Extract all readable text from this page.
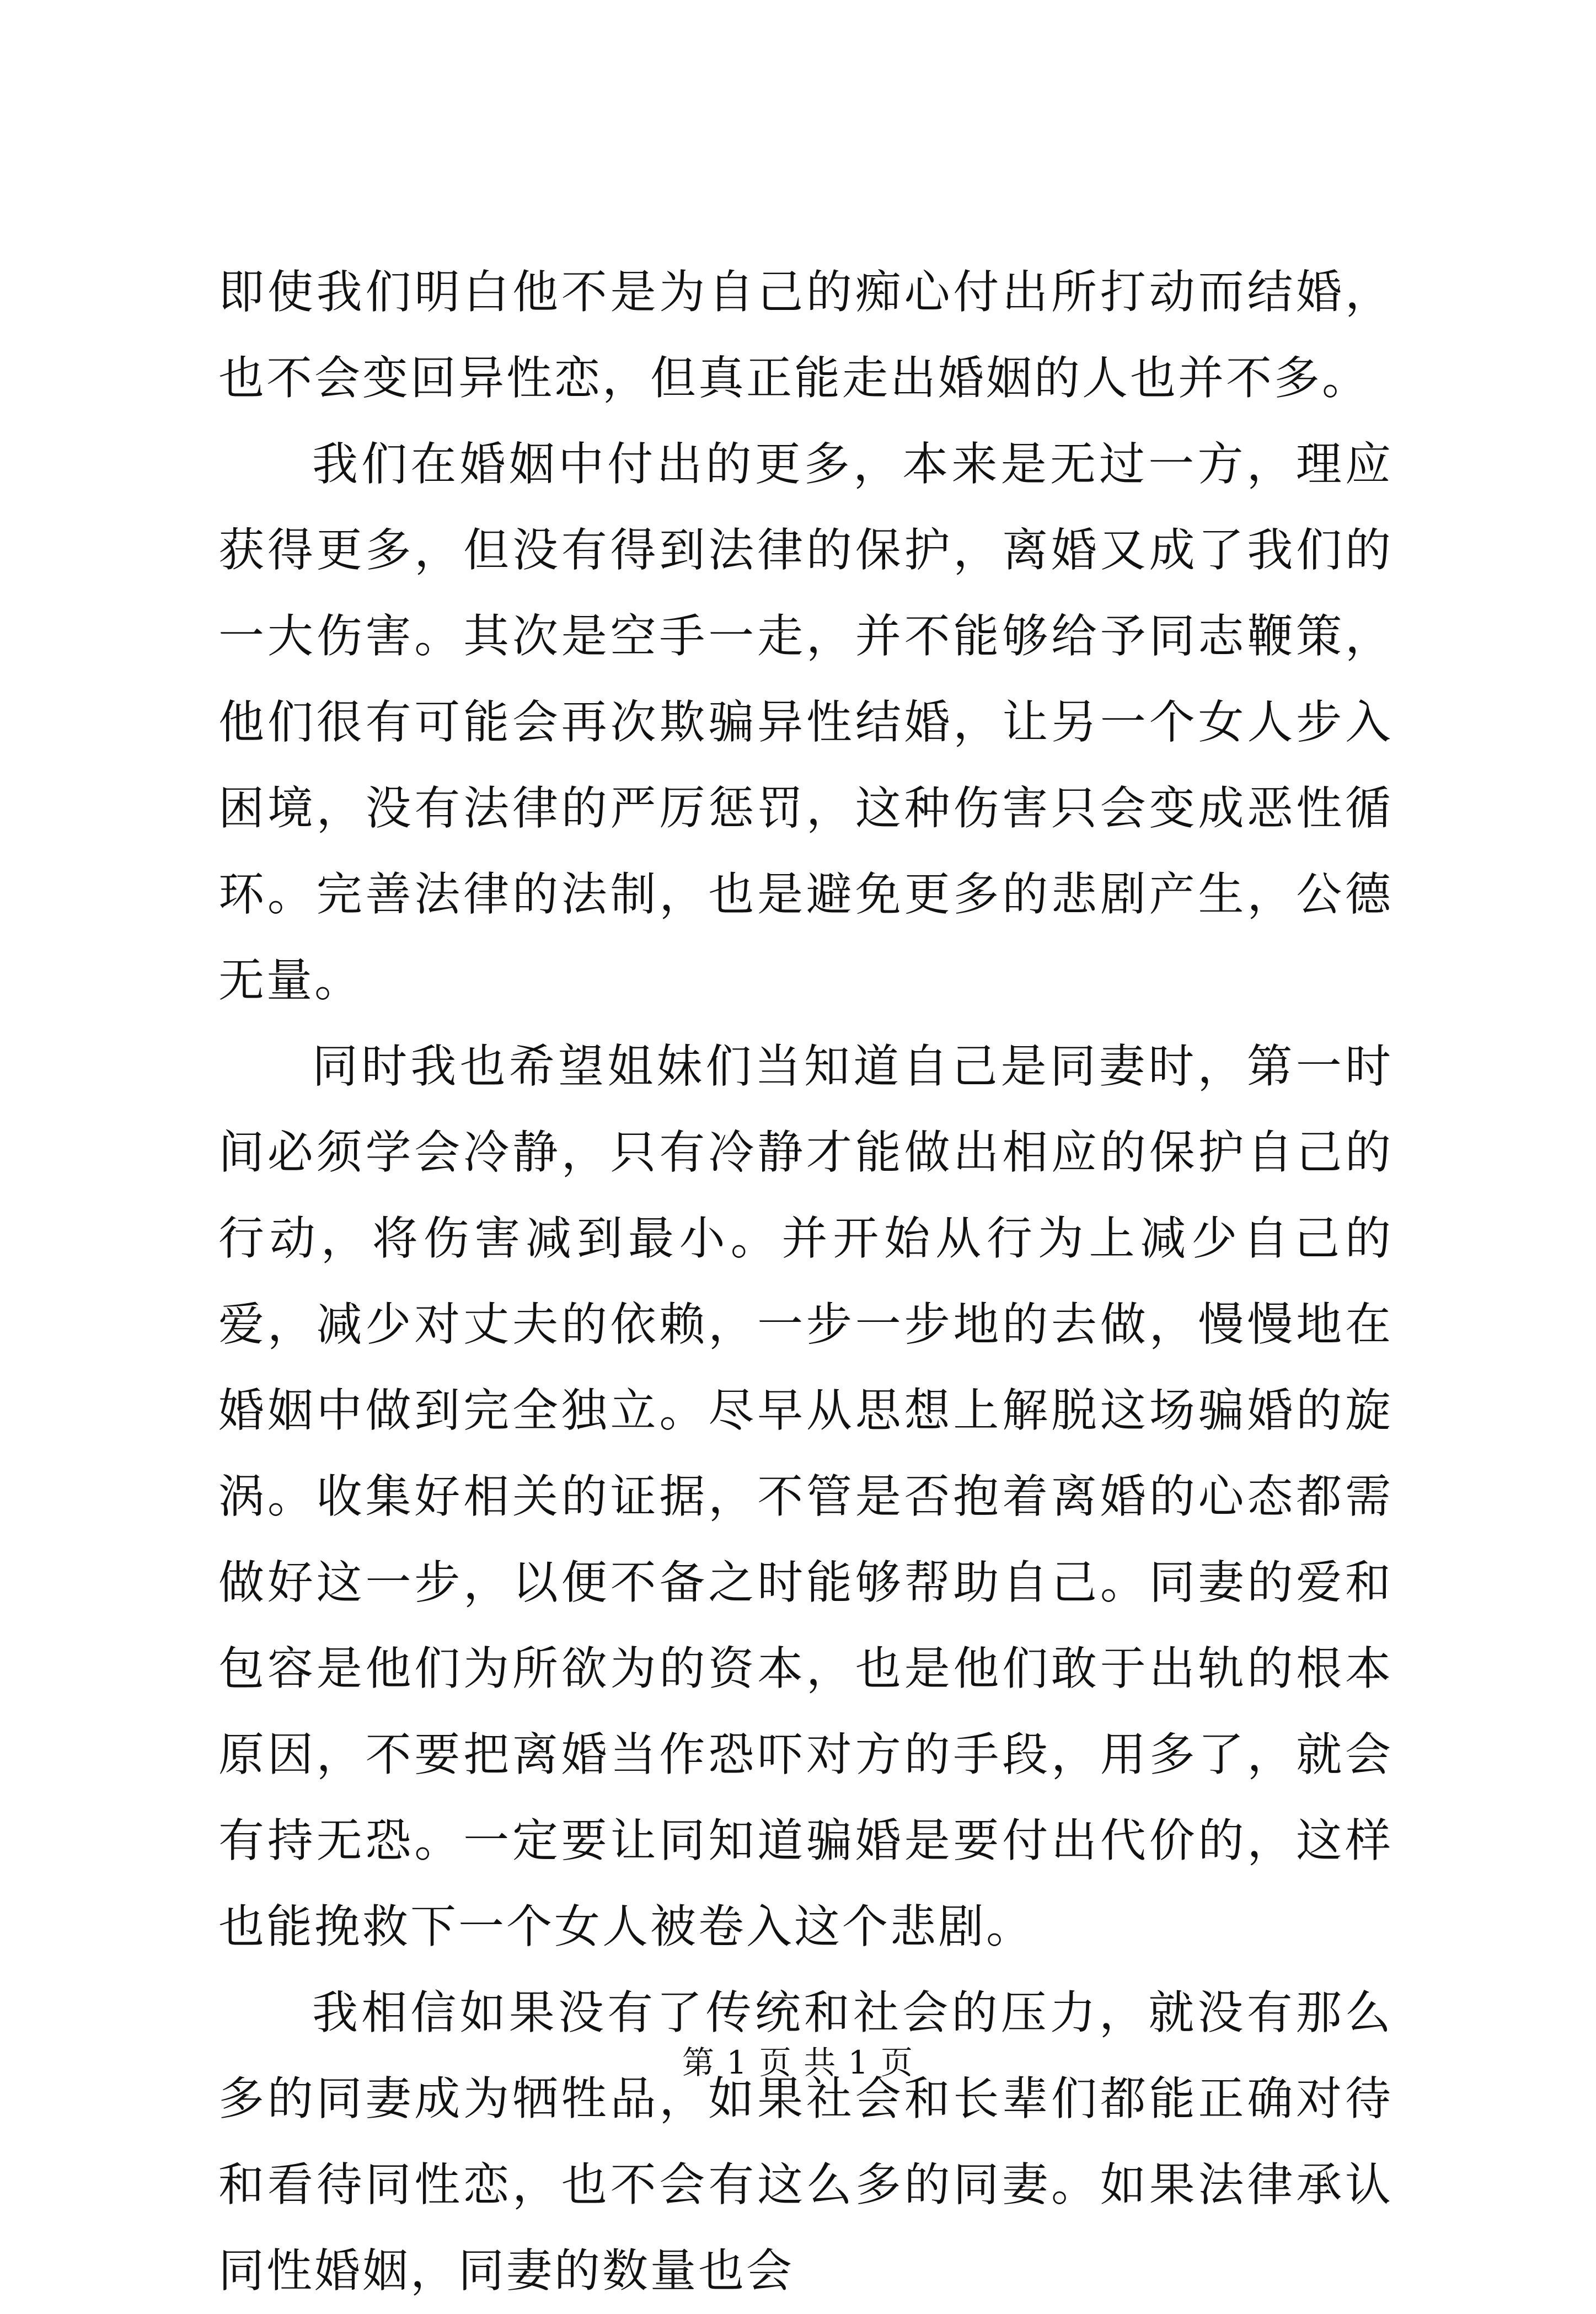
即使我们明白他不是为自己的痴心付出所打动而结婚，也不会变回异性恋，但真正能走出婚姻的人也并不多。

我们在婚姻中付出的更多，本来是无过一方，理应获得更多，但没有得到法律的保护，离婚又成了我们的一大伤害。其次是空手一走，并不能够给予同志鞭策，他们很有可能会再次欺骗异性结婚，让另一个女人步入困境，没有法律的严厉惩罚，这种伤害只会变成恶性循环。完善法律的法制，也是避免更多的悲剧产生，公德无量。

同时我也希望姐妹们当知道自己是同妻时，第一时间必须学会冷静，只有冷静才能做出相应的保护自己的行动，将伤害减到最小。并开始从行为上减少自己的爱，减少对丈夫的依赖，一步一步地的去做，慢慢地在婚姻中做到完全独立。尽早从思想上解脱这场骗婚的旋涡。收集好相关的证据，不管是否抱着离婚的心态都需做好这一步，以便不备之时能够帮助自己。同妻的爱和包容是他们为所欲为的资本，也是他们敢于出轨的根本原因，不要把离婚当作恐吓对方的手段，用多了，就会有持无恐。一定要让同知道骗婚是要付出代价的，这样也能挽救下一个女人被卷入这个悲剧。

我相信如果没有了传统和社会的压力，就没有那么多的同妻成为牺牲品，如果社会和长辈们都能正确对待和看待同性恋，也不会有这么多的同妻。如果法律承认同性婚姻，同妻的数量也会

第 1 页 共 1 页
